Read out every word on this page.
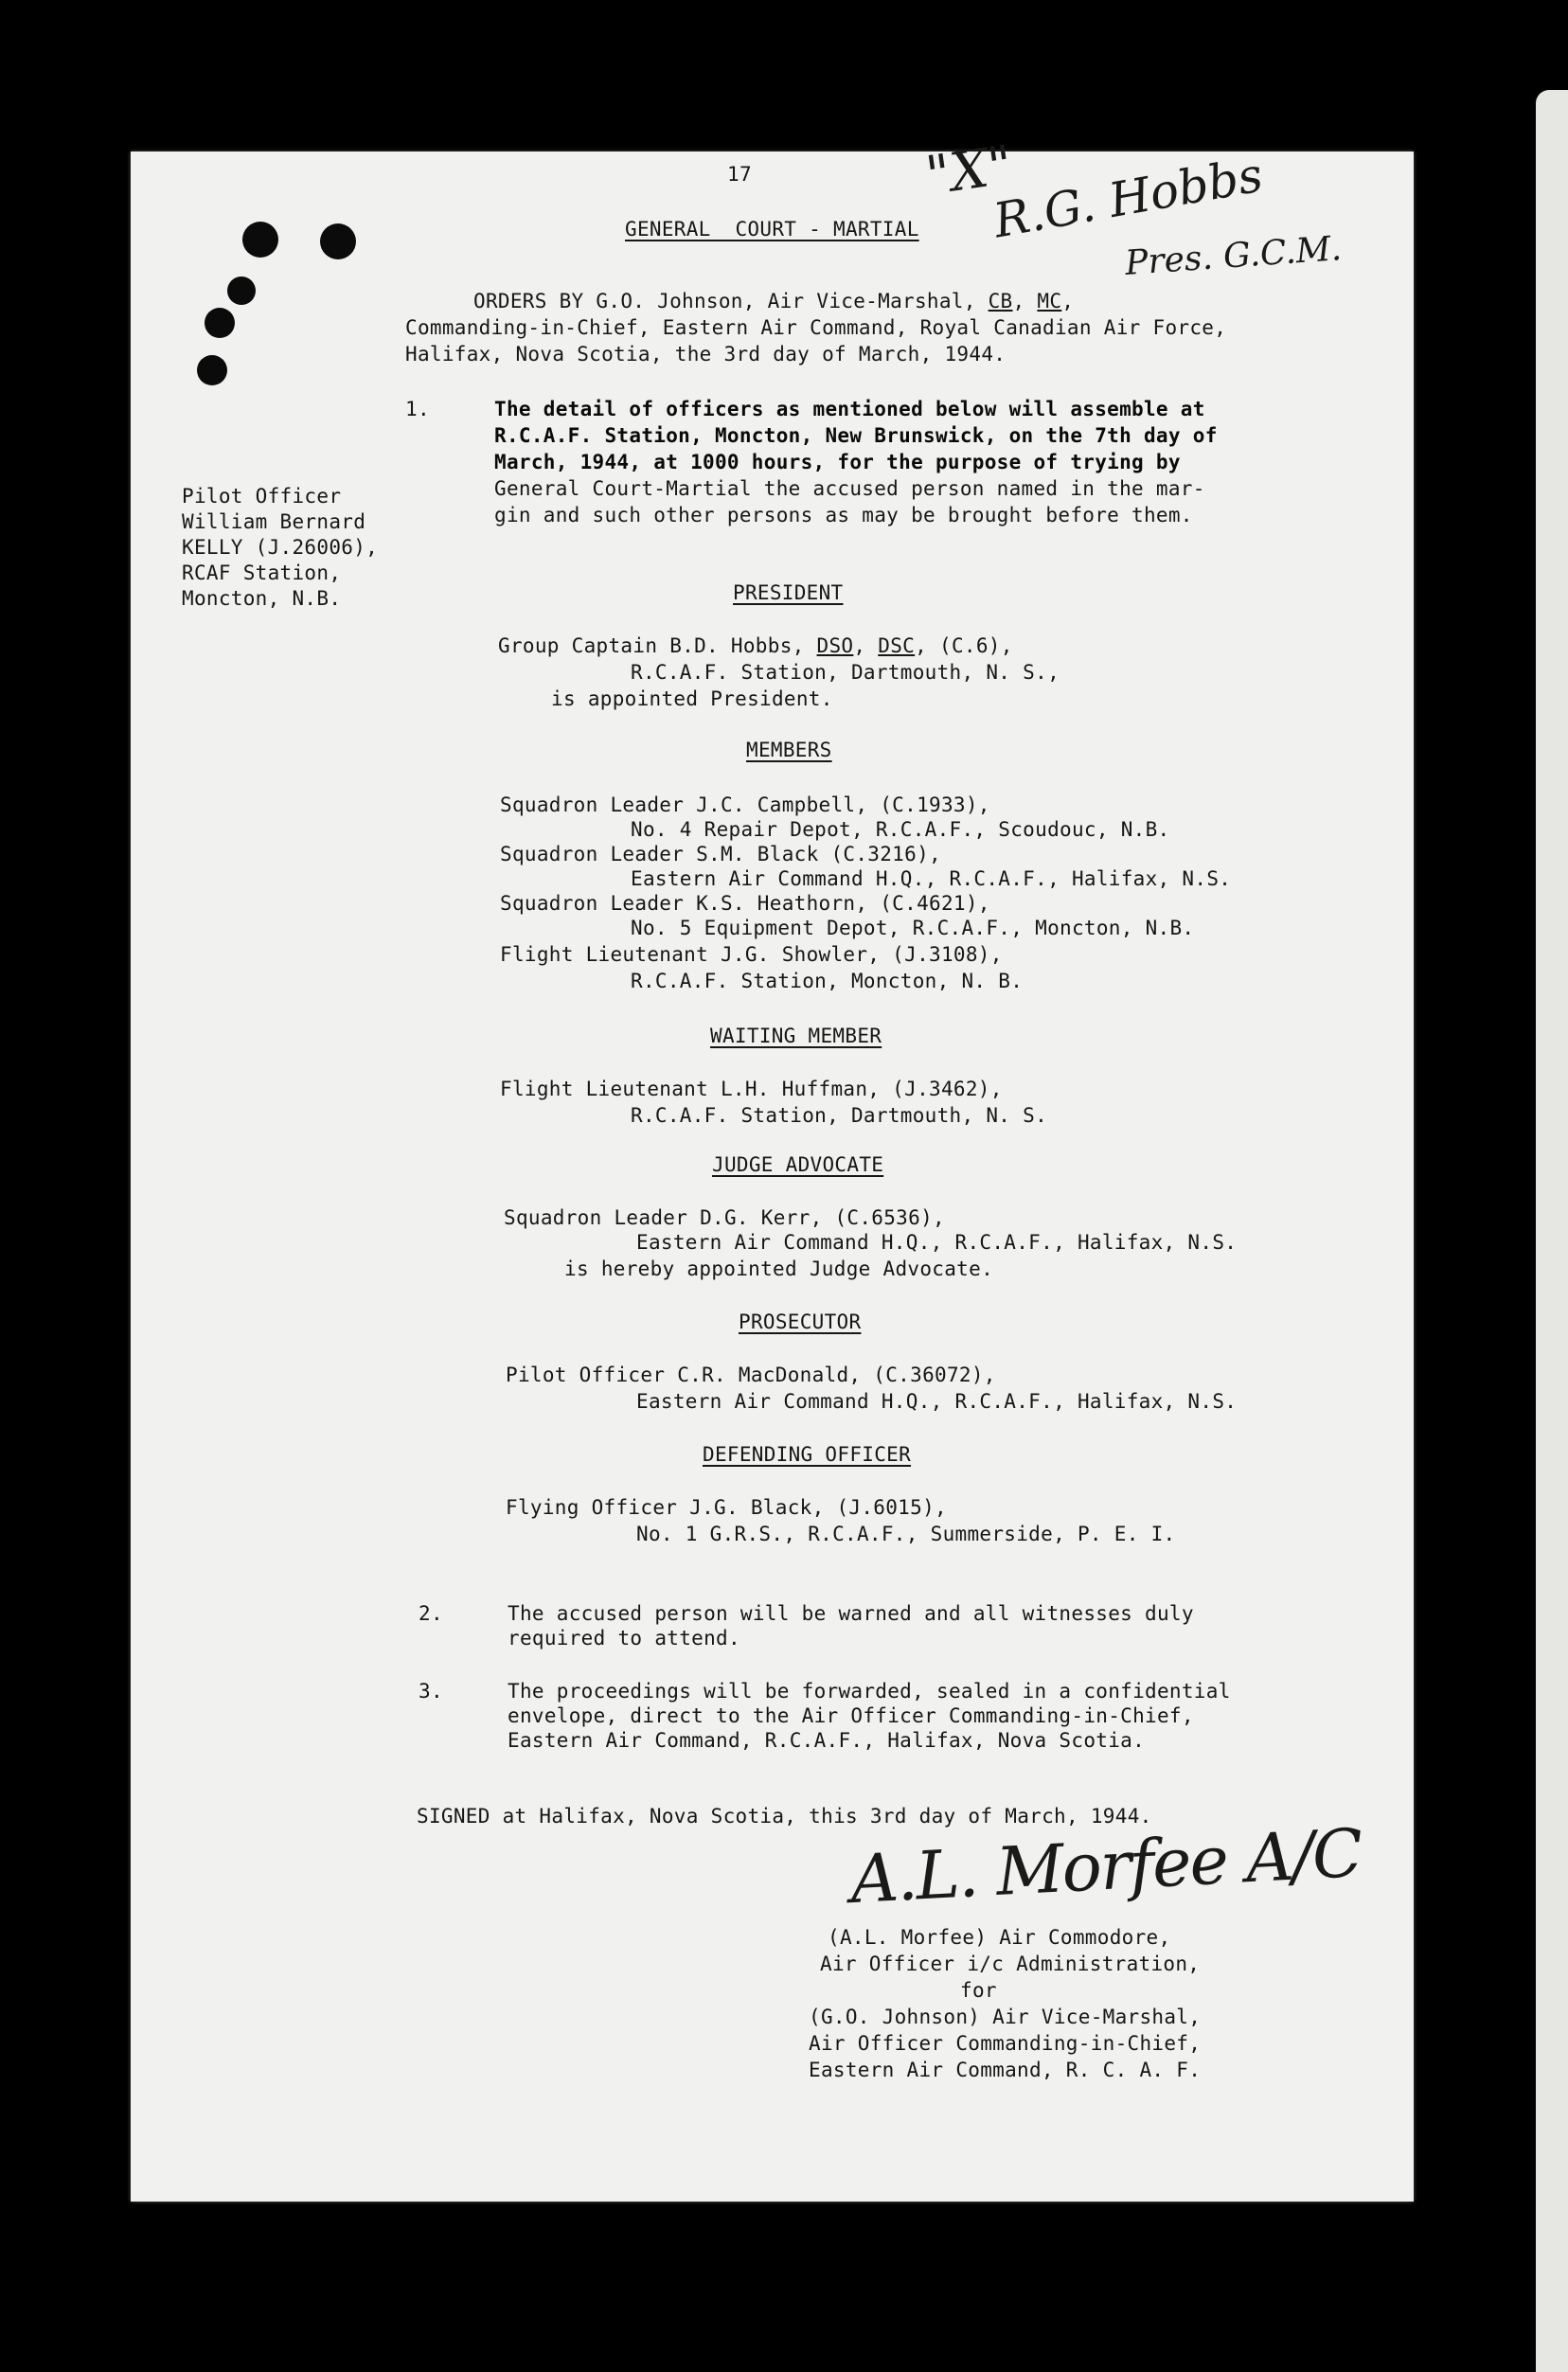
17	"X"
R.G. Hobbs
Pres. G.C.M.
GENERAL  COURT - MARTIAL
ORDERS BY G.O. Johnson, Air Vice-Marshal, CB, MC,
Commanding-in-Chief, Eastern Air Command, Royal Canadian Air Force,
Halifax, Nova Scotia, the 3rd day of March, 1944.
Pilot Officer
William Bernard
KELLY (J.26006),
RCAF Station,
Moncton, N.B.
1.	The detail of officers as mentioned below will assemble at
R.C.A.F. Station, Moncton, New Brunswick, on the 7th day of
March, 1944, at 1000 hours, for the purpose of trying by
General Court-Martial the accused person named in the mar-
gin and such other persons as may be brought before them.
PRESIDENT
Group Captain B.D. Hobbs, DSO, DSC, (C.6),
R.C.A.F. Station, Dartmouth, N. S.,
is appointed President.
MEMBERS
Squadron Leader J.C. Campbell, (C.1933),
No. 4 Repair Depot, R.C.A.F., Scoudouc, N.B.
Squadron Leader S.M. Black (C.3216),
Eastern Air Command H.Q., R.C.A.F., Halifax, N.S.
Squadron Leader K.S. Heathorn, (C.4621),
No. 5 Equipment Depot, R.C.A.F., Moncton, N.B.
Flight Lieutenant J.G. Showler, (J.3108),
R.C.A.F. Station, Moncton, N. B.
WAITING MEMBER
Flight Lieutenant L.H. Huffman, (J.3462),
R.C.A.F. Station, Dartmouth, N. S.
JUDGE ADVOCATE
Squadron Leader D.G. Kerr, (C.6536),
Eastern Air Command H.Q., R.C.A.F., Halifax, N.S.
is hereby appointed Judge Advocate.
PROSECUTOR
Pilot Officer C.R. MacDonald, (C.36072),
Eastern Air Command H.Q., R.C.A.F., Halifax, N.S.
DEFENDING OFFICER
Flying Officer J.G. Black, (J.6015),
No. 1 G.R.S., R.C.A.F., Summerside, P. E. I.
2.	The accused person will be warned and all witnesses duly
required to attend.
3.	The proceedings will be forwarded, sealed in a confidential
envelope, direct to the Air Officer Commanding-in-Chief,
Eastern Air Command, R.C.A.F., Halifax, Nova Scotia.
SIGNED at Halifax, Nova Scotia, this 3rd day of March, 1944.
A.L. Morfee A/C
(A.L. Morfee) Air Commodore,
Air Officer i/c Administration,
for
(G.O. Johnson) Air Vice-Marshal,
Air Officer Commanding-in-Chief,
Eastern Air Command, R. C. A. F.
